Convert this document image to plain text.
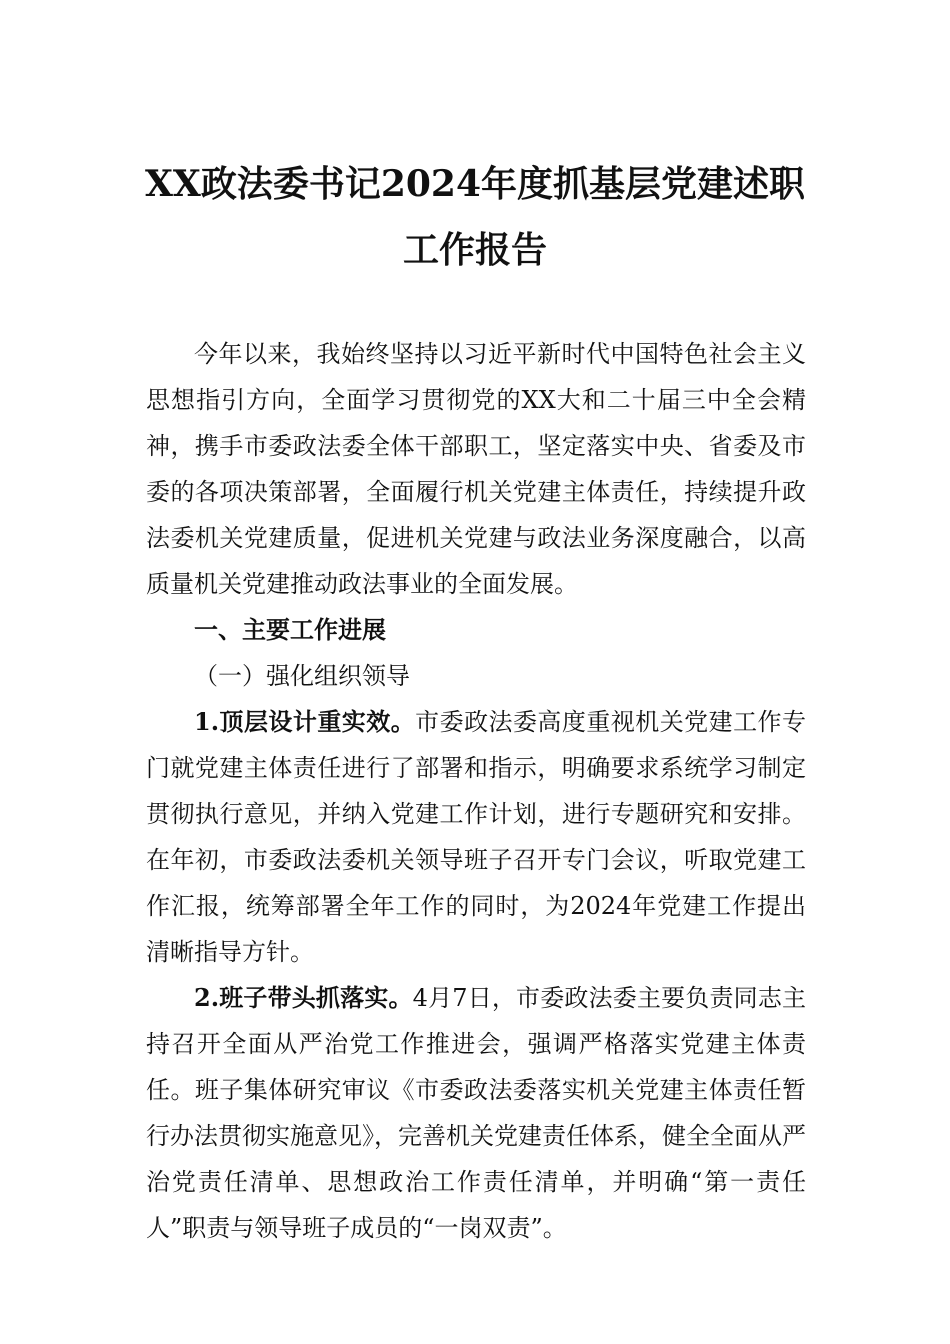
XX政法委书记2024年度抓基层党建述职
工作报告

今年以来，我始终坚持以习近平新时代中国特色社会主义思想指引方向，全面学习贯彻党的XX大和二十届三中全会精神，携手市委政法委全体干部职工，坚定落实中央、省委及市委的各项决策部署，全面履行机关党建主体责任，持续提升政法委机关党建质量，促进机关党建与政法业务深度融合，以高质量机关党建推动政法事业的全面发展。

一、主要工作进展

（一）强化组织领导

1.顶层设计重实效。市委政法委高度重视机关党建工作专门就党建主体责任进行了部署和指示，明确要求系统学习制定贯彻执行意见，并纳入党建工作计划，进行专题研究和安排。在年初，市委政法委机关领导班子召开专门会议，听取党建工作汇报，统筹部署全年工作的同时，为2024年党建工作提出清晰指导方针。

2.班子带头抓落实。4月7日，市委政法委主要负责同志主持召开全面从严治党工作推进会，强调严格落实党建主体责任。班子集体研究审议《市委政法委落实机关党建主体责任暂行办法贯彻实施意见》，完善机关党建责任体系，健全全面从严治党责任清单、思想政治工作责任清单，并明确“第一责任人”职责与领导班子成员的“一岗双责”。
